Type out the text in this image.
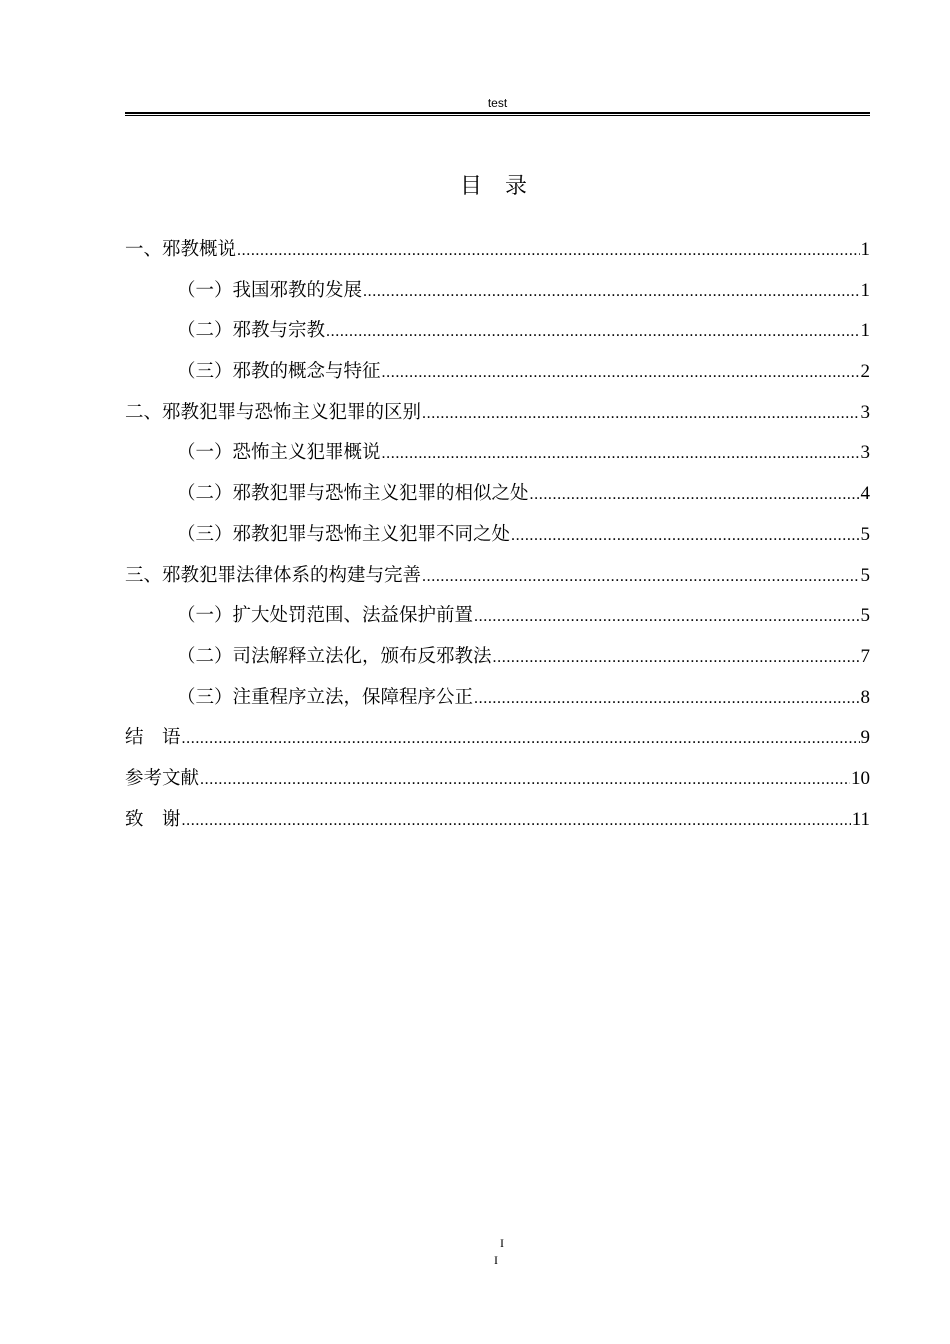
test
目 录
一、邪教概说 .....	1
（一）我国邪教的发展 .....	1
（二）邪教与宗教 .....	1
（三）邪教的概念与特征 .....	2
二、邪教犯罪与恐怖主义犯罪的区别 .....	3
（一）恐怖主义犯罪概说 .....	3
（二）邪教犯罪与恐怖主义犯罪的相似之处 .....	4
（三）邪教犯罪与恐怖主义犯罪不同之处 .....	5
三、邪教犯罪法律体系的构建与完善 .....	5
（一）扩大处罚范围、法益保护前置 .....	5
（二）司法解释立法化，颁布反邪教法 .....	7
（三）注重程序立法，保障程序公正 .....	8
结　语 .....	9
参考文献 .....	10
致　谢 .....	11
I
I
